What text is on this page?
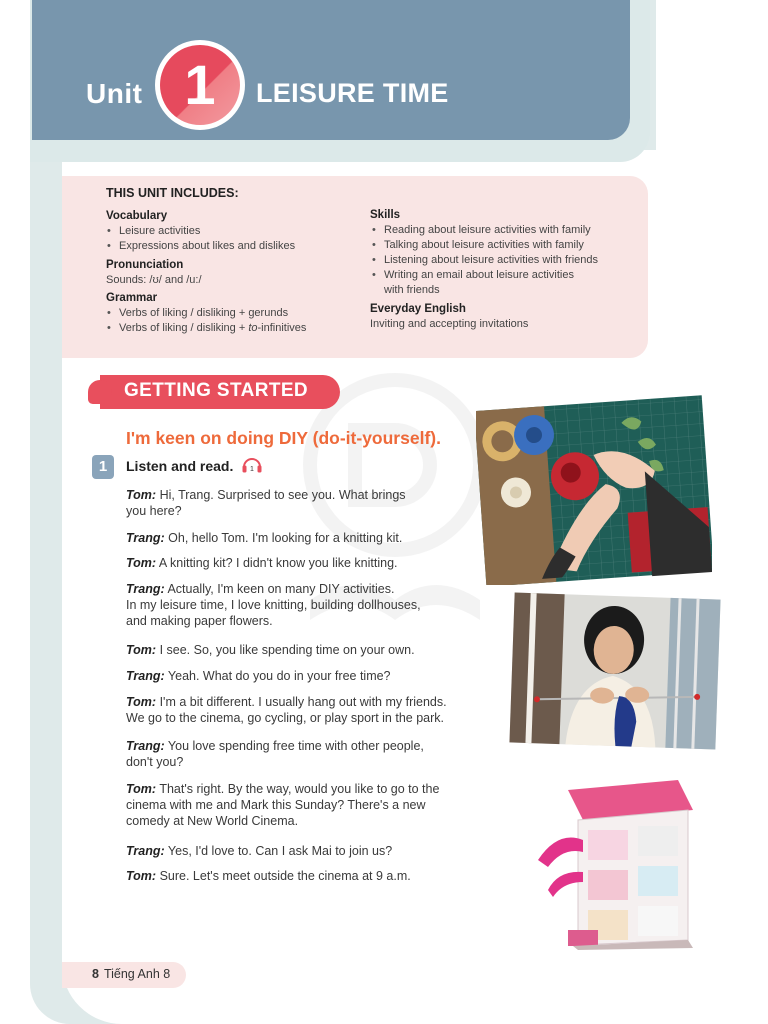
Unit 1	LEISURE TIME
THIS UNIT INCLUDES:
Vocabulary
• Leisure activities
• Expressions about likes and dislikes
Pronunciation
Sounds: /ʊ/ and /u:/
Grammar
• Verbs of liking / disliking + gerunds
• Verbs of liking / disliking + to-infinitives
Skills
• Reading about leisure activities with family
• Talking about leisure activities with family
• Listening about leisure activities with friends
• Writing an email about leisure activities
with friends
Everyday English
Inviting and accepting invitations
GETTING STARTED
I'm keen on doing DIY (do-it-yourself).
1	Listen and read. 1
Tom: Hi, Trang. Surprised to see you. What brings
you here?
Trang: Oh, hello Tom. I'm looking for a knitting kit.
Tom: A knitting kit? I didn't know you like knitting.
Trang: Actually, I'm keen on many DIY activities.
In my leisure time, I love knitting, building dollhouses,
and making paper flowers.
Tom: I see. So, you like spending time on your own.
Trang: Yeah. What do you do in your free time?
Tom: I'm a bit different. I usually hang out with my friends.
We go to the cinema, go cycling, or play sport in the park.
Trang: You love spending free time with other people,
don't you?
Tom: That's right. By the way, would you like to go to the
cinema with me and Mark this Sunday? There's a new
comedy at New World Cinema.
Trang: Yes, I'd love to. Can I ask Mai to join us?
Tom: Sure. Let's meet outside the cinema at 9 a.m.
8 Tiếng Anh 8
